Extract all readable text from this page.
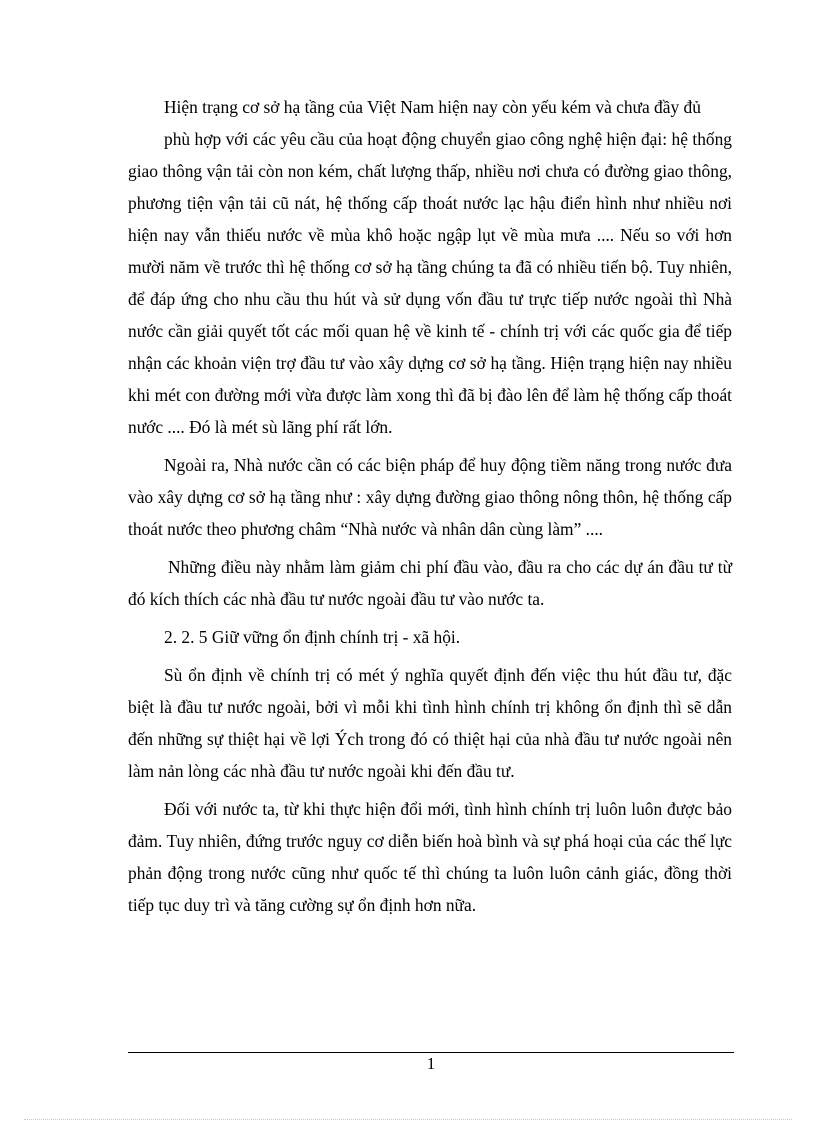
Hiện trạng cơ sở hạ tầng của Việt Nam hiện nay còn yếu kém và chưa đầy đủ

phù hợp với các yêu cầu của hoạt động chuyển giao công nghệ hiện đại: hệ thống giao thông vận tải còn non kém, chất lượng thấp, nhiều nơi chưa có đường giao thông, phương tiện vận tải cũ nát, hệ thống cấp thoát nước lạc hậu điển hình như nhiều nơi hiện nay vẫn thiếu nước về mùa khô hoặc ngập lụt về mùa mưa .... Nếu so với hơn mười năm về trước thì hệ thống cơ sở hạ tầng chúng ta đã có nhiều tiến bộ. Tuy nhiên, để đáp ứng cho nhu cầu thu hút và sử dụng vốn đầu tư trực tiếp nước ngoài thì Nhà nước cần giải quyết tốt các mối quan hệ về kinh tế - chính trị với các quốc gia để tiếp nhận các khoản viện trợ đầu tư vào xây dựng cơ sở hạ tầng. Hiện trạng hiện nay nhiều khi mét con đường mới vừa được làm xong thì đã bị đào lên để làm hệ thống cấp thoát nước .... Đó là mét sù lãng phí rất lớn.

Ngoài ra, Nhà nước cần có các biện pháp để huy động tiềm năng trong nước đưa vào xây dựng cơ sở hạ tầng như : xây dựng đường giao thông nông thôn, hệ thống cấp thoát nước theo phương châm “Nhà nước và nhân dân cùng làm” ....

Những điều này nhằm làm giảm chi phí đầu vào, đầu ra cho các dự án đầu tư từ đó kích thích các nhà đầu tư nước ngoài đầu tư vào nước ta.

2. 2. 5 Giữ vững ổn định chính trị - xã hội.

Sù ổn định về chính trị có mét ý nghĩa quyết định đến việc thu hút đầu tư, đặc biệt là đầu tư nước ngoài, bởi vì mỗi khi tình hình chính trị không ổn định thì sẽ dẫn đến những sự thiệt hại về lợi Ých trong đó có thiệt hại của nhà đầu tư nước ngoài nên làm nản lòng các nhà đầu tư nước ngoài khi đến đầu tư.

Đối với nước ta, từ khi thực hiện đổi mới, tình hình chính trị luôn luôn được bảo đảm. Tuy nhiên, đứng trước nguy cơ diễn biến hoà bình và sự phá hoại của các thế lực phản động trong nước cũng như quốc tế thì chúng ta luôn luôn cảnh giác, đồng thời tiếp tục duy trì và tăng cường sự ổn định hơn nữa.

1
